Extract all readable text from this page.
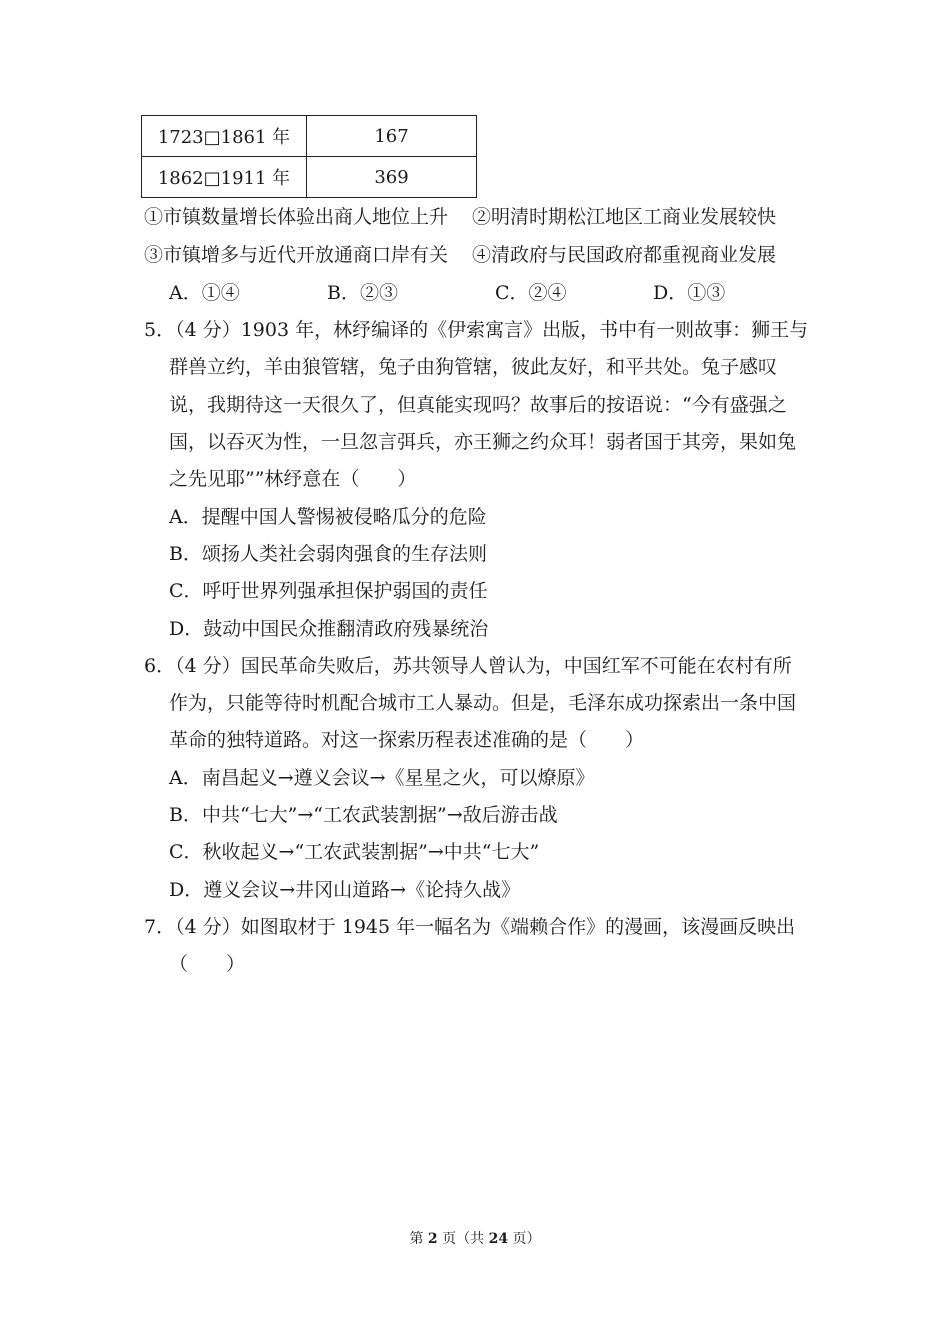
1723□1861 年	167
1862□1911 年	369
①市镇数量增长体验出商人地位上升 ②明清时期松江地区工商业发展较快
③市镇增多与近代开放通商口岸有关 ④清政府与民国政府都重视商业发展
A．①④	B．②③	C．②④	D．①③
5．（4 分）1903 年，林纾编译的《伊索寓言》出版，书中有一则故事：狮王与
群兽立约，羊由狼管辖，兔子由狗管辖，彼此友好，和平共处。兔子感叹
说，我期待这一天很久了，但真能实现吗？故事后的按语说：“今有盛强之
国，以吞灭为性，一旦忽言弭兵，亦王狮之约众耳！弱者国于其旁，果如兔
之先见耶””林纾意在（　　）
A．提醒中国人警惕被侵略瓜分的危险
B．颂扬人类社会弱肉强食的生存法则
C．呼吁世界列强承担保护弱国的责任
D．鼓动中国民众推翻清政府残暴统治
6．（4 分）国民革命失败后，苏共领导人曾认为，中国红军不可能在农村有所
作为，只能等待时机配合城市工人暴动。但是，毛泽东成功探索出一条中国
革命的独特道路。对这一探索历程表述准确的是（　　）
A．南昌起义→遵义会议→《星星之火，可以燎原》
B．中共“七大”→“工农武装割据”→敌后游击战
C．秋收起义→“工农武装割据”→中共“七大”
D．遵义会议→井冈山道路→《论持久战》
7．（4 分）如图取材于 1945 年一幅名为《端赖合作》的漫画，该漫画反映出
（　　）
第 2 页（共 24 页）
